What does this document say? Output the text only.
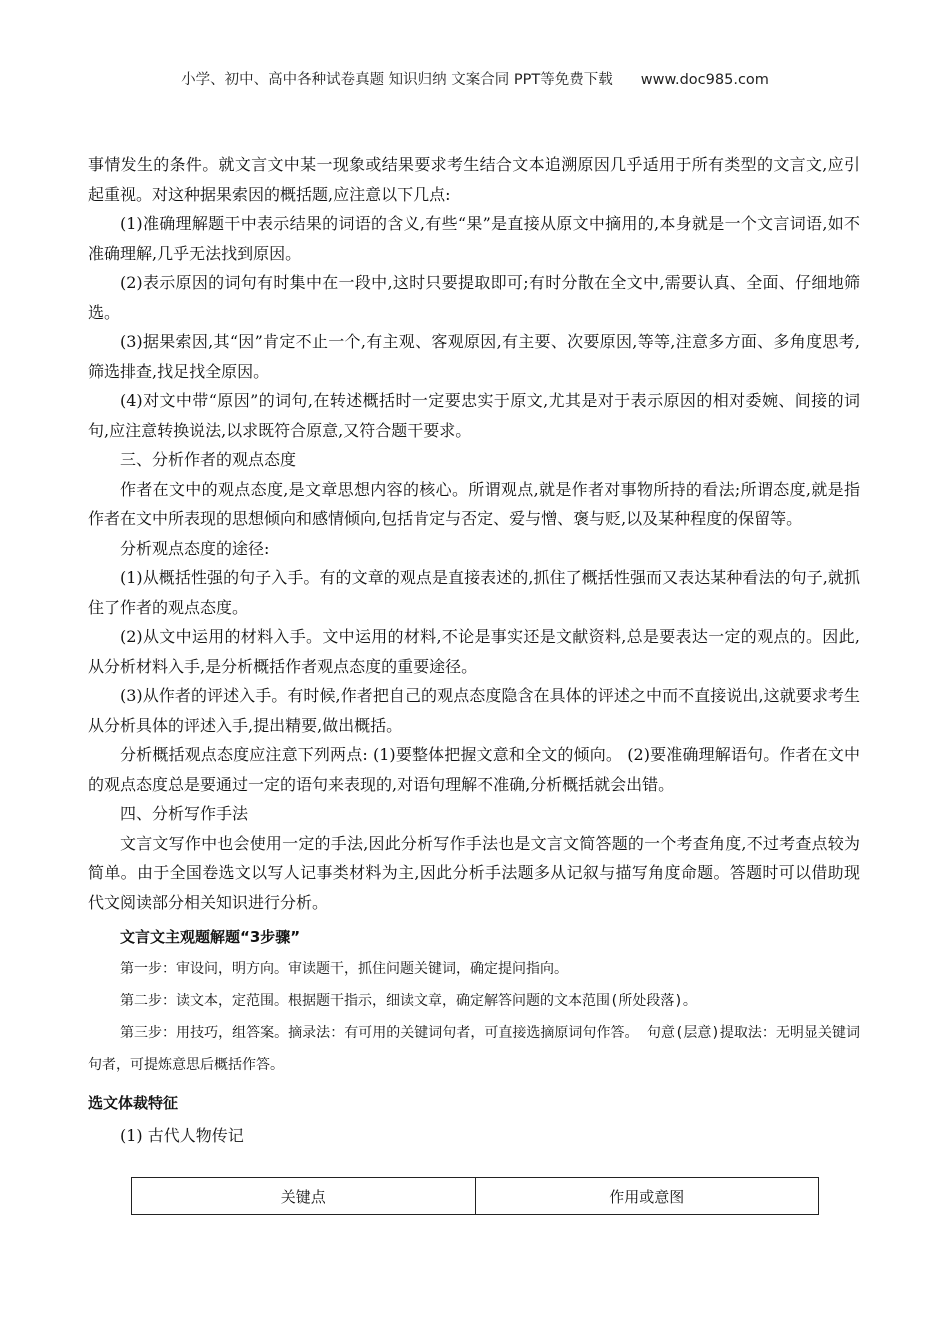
小学、初中、高中各种试卷真题 知识归纳 文案合同 PPT等免费下载 www.doc985.com

事情发生的条件。就文言文中某一现象或结果要求考生结合文本追溯原因几乎适用于所有类型的文言文,应引起重视。对这种据果索因的概括题,应注意以下几点:

(1)准确理解题干中表示结果的词语的含义,有些“果”是直接从原文中摘用的,本身就是一个文言词语,如不准确理解,几乎无法找到原因。

(2)表示原因的词句有时集中在一段中,这时只要提取即可;有时分散在全文中,需要认真、全面、仔细地筛选。

(3)据果索因,其“因”肯定不止一个,有主观、客观原因,有主要、次要原因,等等,注意多方面、多角度思考,筛选排查,找足找全原因。

(4)对文中带“原因”的词句,在转述概括时一定要忠实于原文,尤其是对于表示原因的相对委婉、间接的词句,应注意转换说法,以求既符合原意,又符合题干要求。

三、分析作者的观点态度

作者在文中的观点态度,是文章思想内容的核心。所谓观点,就是作者对事物所持的看法;所谓态度,就是指作者在文中所表现的思想倾向和感情倾向,包括肯定与否定、爱与憎、褒与贬,以及某种程度的保留等。

分析观点态度的途径:

(1)从概括性强的句子入手。有的文章的观点是直接表述的,抓住了概括性强而又表达某种看法的句子,就抓住了作者的观点态度。

(2)从文中运用的材料入手。文中运用的材料,不论是事实还是文献资料,总是要表达一定的观点的。因此,从分析材料入手,是分析概括作者观点态度的重要途径。

(3)从作者的评述入手。有时候,作者把自己的观点态度隐含在具体的评述之中而不直接说出,这就要求考生从分析具体的评述入手,提出精要,做出概括。

分析概括观点态度应注意下列两点: (1)要整体把握文意和全文的倾向。 (2)要准确理解语句。作者在文中的观点态度总是要通过一定的语句来表现的,对语句理解不准确,分析概括就会出错。

四、分析写作手法

文言文写作中也会使用一定的手法,因此分析写作手法也是文言文简答题的一个考查角度,不过考查点较为简单。由于全国卷选文以写人记事类材料为主,因此分析手法题多从记叙与描写角度命题。答题时可以借助现代文阅读部分相关知识进行分析。

文言文主观题解题“3步骤”

第一步：审设问，明方向。审读题干，抓住问题关键词，确定提问指向。

第二步：读文本，定范围。根据题干指示，细读文章，确定解答问题的文本范围(所处段落)。

第三步：用技巧，组答案。摘录法：有可用的关键词句者，可直接选摘原词句作答。 句意(层意)提取法：无明显关键词句者，可提炼意思后概括作答。

选文体裁特征

(1) 古代人物传记

关键点	作用或意图
